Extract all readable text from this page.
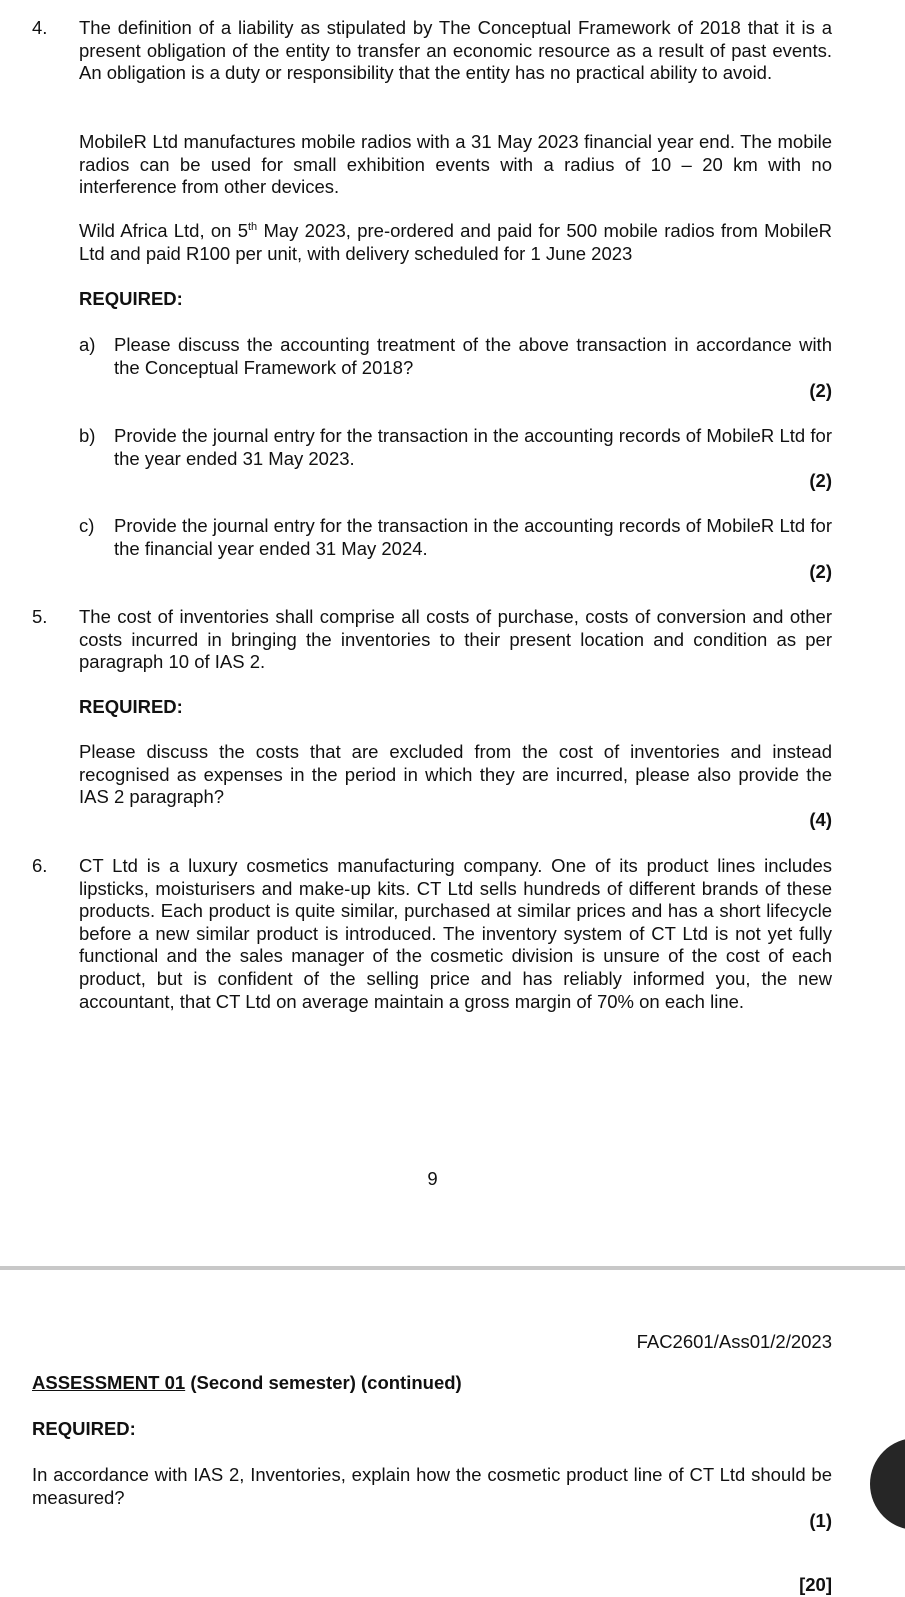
4. The definition of a liability as stipulated by The Conceptual Framework of 2018 that it is a present obligation of the entity to transfer an economic resource as a result of past events. An obligation is a duty or responsibility that the entity has no practical ability to avoid.
MobileR Ltd manufactures mobile radios with a 31 May 2023 financial year end. The mobile radios can be used for small exhibition events with a radius of 10 – 20 km with no interference from other devices.
Wild Africa Ltd, on 5th May 2023, pre-ordered and paid for 500 mobile radios from MobileR Ltd and paid R100 per unit, with delivery scheduled for 1 June 2023
REQUIRED:
a) Please discuss the accounting treatment of the above transaction in accordance with the Conceptual Framework of 2018?
(2)
b) Provide the journal entry for the transaction in the accounting records of MobileR Ltd for the year ended 31 May 2023.
(2)
c) Provide the journal entry for the transaction in the accounting records of MobileR Ltd for the financial year ended 31 May 2024.
(2)
5. The cost of inventories shall comprise all costs of purchase, costs of conversion and other costs incurred in bringing the inventories to their present location and condition as per paragraph 10 of IAS 2.
REQUIRED:
Please discuss the costs that are excluded from the cost of inventories and instead recognised as expenses in the period in which they are incurred, please also provide the IAS 2 paragraph?
(4)
6. CT Ltd is a luxury cosmetics manufacturing company. One of its product lines includes lipsticks, moisturisers and make-up kits. CT Ltd sells hundreds of different brands of these products. Each product is quite similar, purchased at similar prices and has a short lifecycle before a new similar product is introduced. The inventory system of CT Ltd is not yet fully functional and the sales manager of the cosmetic division is unsure of the cost of each product, but is confident of the selling price and has reliably informed you, the new accountant, that CT Ltd on average maintain a gross margin of 70% on each line.
9
FAC2601/Ass01/2/2023
ASSESSMENT 01 (Second semester) (continued)
REQUIRED:
In accordance with IAS 2, Inventories, explain how the cosmetic product line of CT Ltd should be measured?
(1)
[20]
